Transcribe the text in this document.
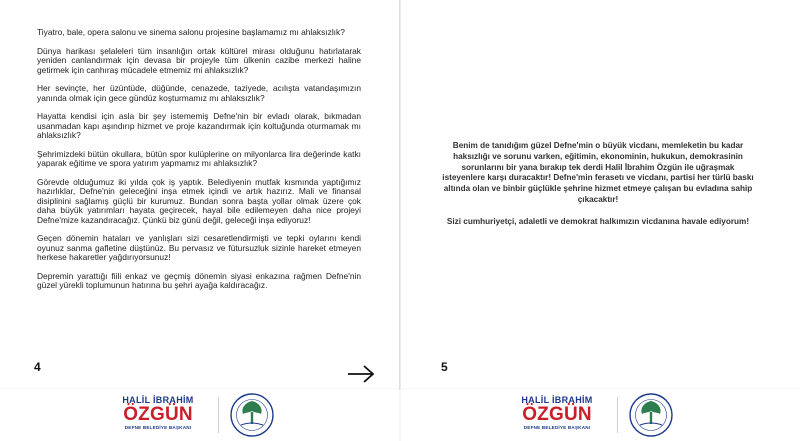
Tiyatro, bale, opera salonu ve sinema salonu projesine başlamamız mı ahlaksızlık?

Dünya harikası şelaleleri tüm insanlığın ortak kültürel mirası olduğunu hatırlatarak yeniden canlandırmak için devasa bir projeyle tüm ülkenin cazibe merkezi haline getirmek için canhıraş mücadele etmemiz mi ahlaksızlık?

Her sevinçte, her üzüntüde, düğünde, cenazede, taziyede, acılışta vatandaşımızın yanında olmak için gece gündüz koşturmamız mı ahlaksızlık?

Hayatta kendisi için asla bir şey istememiş Defne'nin bir evladı olarak, bıkmadan usanmadan kapı aşındırıp hizmet ve proje kazandırmak için koltuğunda oturmamak mı ahlaksızlık?

Şehrimizdeki bütün okullara, bütün spor kulüplerine on milyonlarca lira değerinde katkı yaparak eğitime ve spora yatırım yapmamız mı ahlaksızlık?

Görevde olduğumuz iki yılda çok iş yaptık. Belediyenin mutfak kısmında yaptığımız hazırlıklar, Defne'nin geleceğini inşa etmek içindi ve artık hazırız. Mali ve finansal disiplinini sağlamış güçlü bir kurumuz. Bundan sonra başta yollar olmak üzere çok daha büyük yatırımları hayata geçirecek, hayal bile edilemeyen daha nice projeyi Defne'mize kazandıracağız. Çünkü biz günü değil, geleceği inşa ediyoruz!

Geçen dönemin hataları ve yanlışları sizi cesaretlendirmişti ve tepki oylarını kendi oyunuz sanma gafletine düştünüz. Bu pervasız ve fütursuzluk sizinle hareket etmeyen herkese hakaretler yağdırıyorsunuz!

Depremin yarattığı fiili enkaz ve geçmiş dönemin siyasi enkazına rağmen Defne'nin güzel yürekli toplumunun hatırına bu şehri ayağa kaldıracağız.

4	5

Benim de tanıdığım güzel Defne'min o büyük vicdanı, memleketin bu kadar haksızlığı ve sorunu varken, eğitimin, ekonominin, hukukun, demokrasinin sorunlarını bir yana bırakıp tek derdi Halil İbrahim Özgün ile uğraşmak isteyenlere karşı duracaktır! Defne'min ferasetı ve vicdanı, partisi her türlü baskı altında olan ve binbir güçlükle şehrine hizmet etmeye çalışan bu evladına sahip çıkacaktır!

Sizi cumhuriyetçi, adaletli ve demokrat halkımızın vicdanına havale ediyorum!

HALİL İBRAHİM
ÖZGÜN
DEFNE BELEDİYE BAŞKANI
HALİL İBRAHİM
ÖZGÜN
DEFNE BELEDİYE BAŞKANI
